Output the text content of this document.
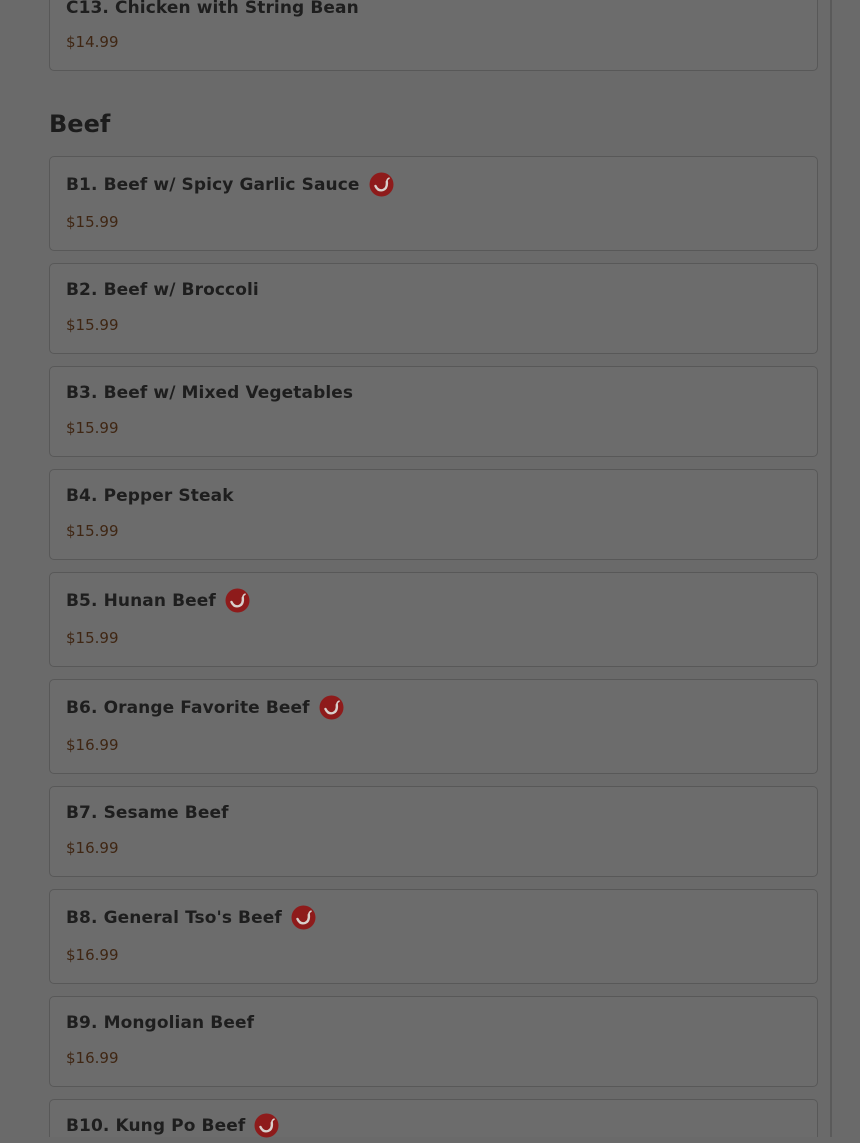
C13. Chicken with String Bean
$14.99
Beef
B1. Beef w/ Spicy Garlic Sauce
$15.99
B2. Beef w/ Broccoli
$15.99
B3. Beef w/ Mixed Vegetables
$15.99
B4. Pepper Steak
$15.99
B5. Hunan Beef
$15.99
B6. Orange Favorite Beef
$16.99
B7. Sesame Beef
$16.99
B8. General Tso's Beef
$16.99
B9. Mongolian Beef
$16.99
B10. Kung Po Beef
